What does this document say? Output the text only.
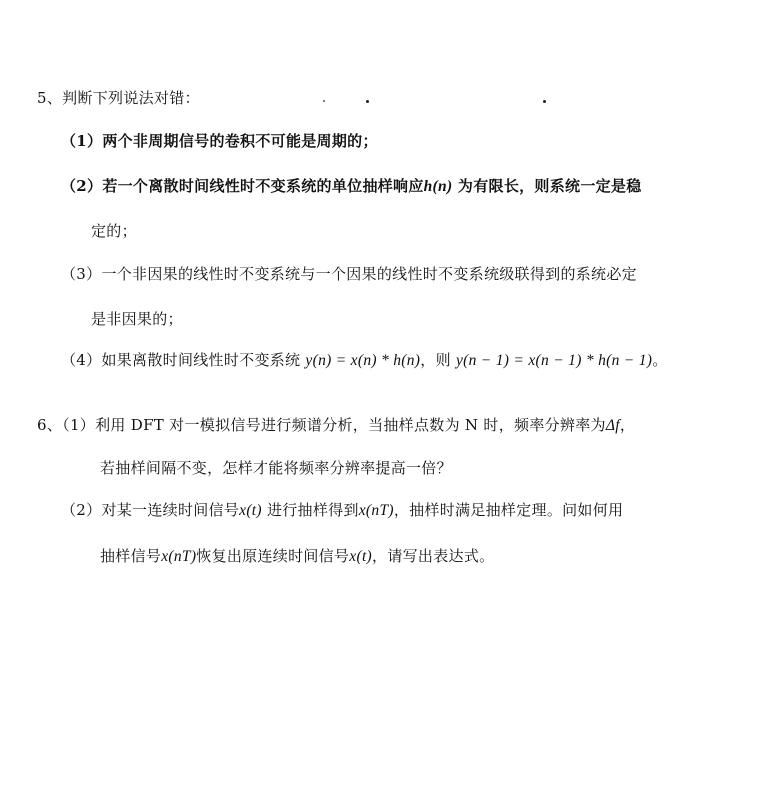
5、判断下列说法对错：
（1）两个非周期信号的卷积不可能是周期的；
（2）若一个离散时间线性时不变系统的单位抽样响应h(n) 为有限长，则系统一定是稳
定的；
（3）一个非因果的线性时不变系统与一个因果的线性时不变系统级联得到的系统必定
是非因果的；
（4）如果离散时间线性时不变系统 y(n) = x(n) * h(n)，则 y(n − 1) = x(n − 1) * h(n − 1)。
6、（1）利用 DFT 对一模拟信号进行频谱分析，当抽样点数为 N 时，频率分辨率为Δf，
若抽样间隔不变，怎样才能将频率分辨率提高一倍？
（2）对某一连续时间信号x(t) 进行抽样得到x(nT)，抽样时满足抽样定理。问如何用
抽样信号x(nT)恢复出原连续时间信号x(t)，请写出表达式。
